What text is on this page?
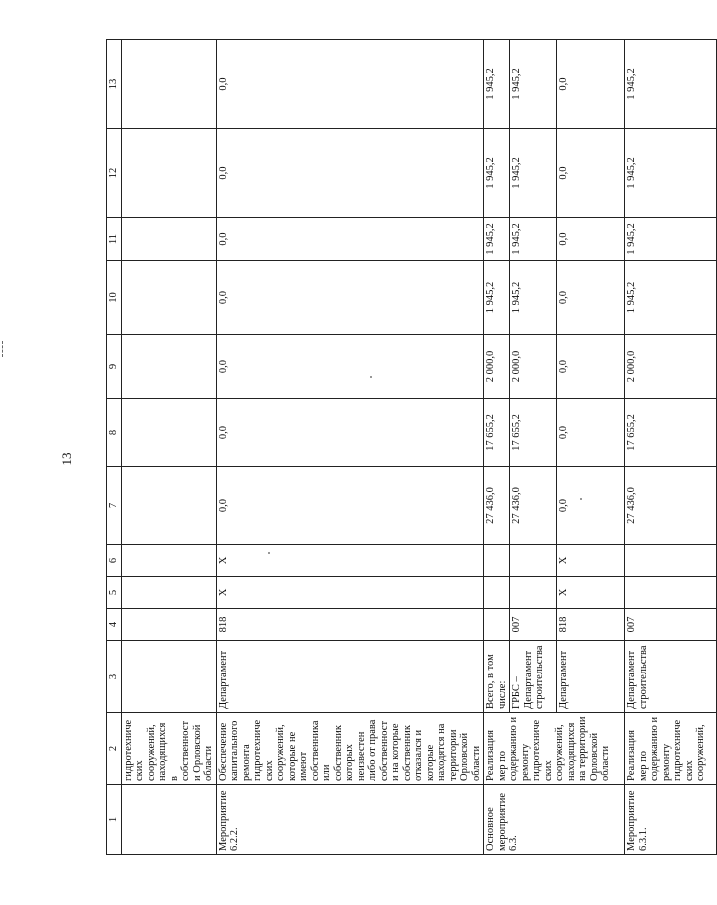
13
1	2	3	4	5	6	7	8	9	10	11	12	13
	гидротехнических сооружений, находящихся в собственности Орловской области											
Мероприятие 6.2.2.	Обеспечение капитального ремонта гидротехнических сооружений, которые не имеют собственника или собственник которых неизвестен либо от права собственности на которые собственник отказался и которые находятся на территории Орловской области	Департамент	818	Х	Х	0,0	0,0	0,0	0,0	0,0	0,0	0,0
Основное мероприятие 6.3.	Реализация мер по содержанию и ремонту гидротехнических сооружений, находящихся на территории Орловской области	Всего, в том числе:				27 436,0	17 655,2	2 000,0	1 945,2	1 945,2	1 945,2	1 945,2
		ГРБС – Департамент строительства	007			27 436,0	17 655,2	2 000,0	1 945,2	1 945,2	1 945,2	1 945,2
		Департамент	818	Х	Х	0,0	0,0	0,0	0,0	0,0	0,0	0,0
Мероприятие 6.3.1.	Реализация мер по содержанию и ремонту гидротехнических сооружений,	Департамент строительства	007			27 436,0	17 655,2	2 000,0	1 945,2	1 945,2	1 945,2	1 945,2
